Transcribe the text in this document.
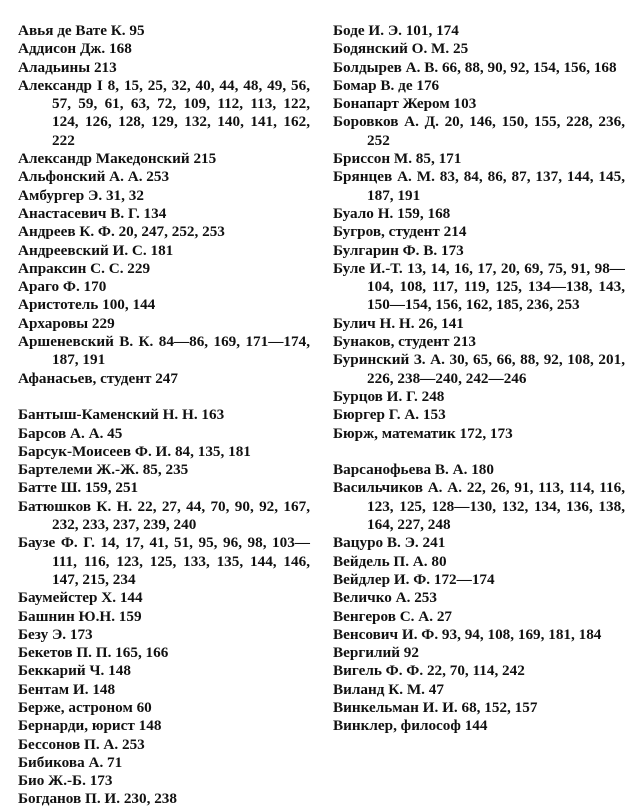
Авья де Вате К. 95
Аддисон Дж. 168
Аладьины 213
Александр I 8, 15, 25, 32, 40, 44, 48, 49, 56, 57, 59, 61, 63, 72, 109, 112, 113, 122, 124, 126, 128, 129, 132, 140, 141, 162, 222
Александр Македонский 215
Альфонский А. А. 253
Амбургер Э. 31, 32
Анастасевич В. Г. 134
Андреев К. Ф. 20, 247, 252, 253
Андреевский И. С. 181
Апраксин С. С. 229
Араго Ф. 170
Аристотель 100, 144
Архаровы 229
Аршеневский В. К. 84—86, 169, 171—174, 187, 191
Афанасьев, студент 247
Бантыш-Каменский Н. Н. 163
Барсов А. А. 45
Барсук-Моисеев Ф. И. 84, 135, 181
Бартелеми Ж.-Ж. 85, 235
Батте Ш. 159, 251
Батюшков К. Н. 22, 27, 44, 70, 90, 92, 167, 232, 233, 237, 239, 240
Баузе Ф. Г. 14, 17, 41, 51, 95, 96, 98, 103—111, 116, 123, 125, 133, 135, 144, 146, 147, 215, 234
Баумейстер Х. 144
Башнин Ю.Н. 159
Безу Э. 173
Бекетов П. П. 165, 166
Беккарий Ч. 148
Бентам И. 148
Берже, астроном 60
Бернарди, юрист 148
Бессонов П. А. 253
Бибикова А. 71
Био Ж.-Б. 173
Богданов П. И. 230, 238
Боде И. Э. 101, 174
Бодянский О. М. 25
Болдырев А. В. 66, 88, 90, 92, 154, 156, 168
Бомар В. де 176
Бонапарт Жером 103
Боровков А. Д. 20, 146, 150, 155, 228, 236, 252
Бриссон М. 85, 171
Брянцев А. М. 83, 84, 86, 87, 137, 144, 145, 187, 191
Буало Н. 159, 168
Бугров, студент 214
Булгарин Ф. В. 173
Буле И.-Т. 13, 14, 16, 17, 20, 69, 75, 91, 98—104, 108, 117, 119, 125, 134—138, 143, 150—154, 156, 162, 185, 236, 253
Булич Н. Н. 26, 141
Бунаков, студент 213
Буринский З. А. 30, 65, 66, 88, 92, 108, 201, 226, 238—240, 242—246
Бурцов И. Г. 248
Бюргер Г. А. 153
Бюрж, математик 172, 173
Варсанофьева В. А. 180
Васильчиков А. А. 22, 26, 91, 113, 114, 116, 123, 125, 128—130, 132, 134, 136, 138, 164, 227, 248
Вацуро В. Э. 241
Вейдель П. А. 80
Вейдлер И. Ф. 172—174
Величко А. 253
Венгеров С. А. 27
Венсович И. Ф. 93, 94, 108, 169, 181, 184
Вергилий 92
Вигель Ф. Ф. 22, 70, 114, 242
Виланд К. М. 47
Винкельман И. И. 68, 152, 157
Винклер, философ 144
